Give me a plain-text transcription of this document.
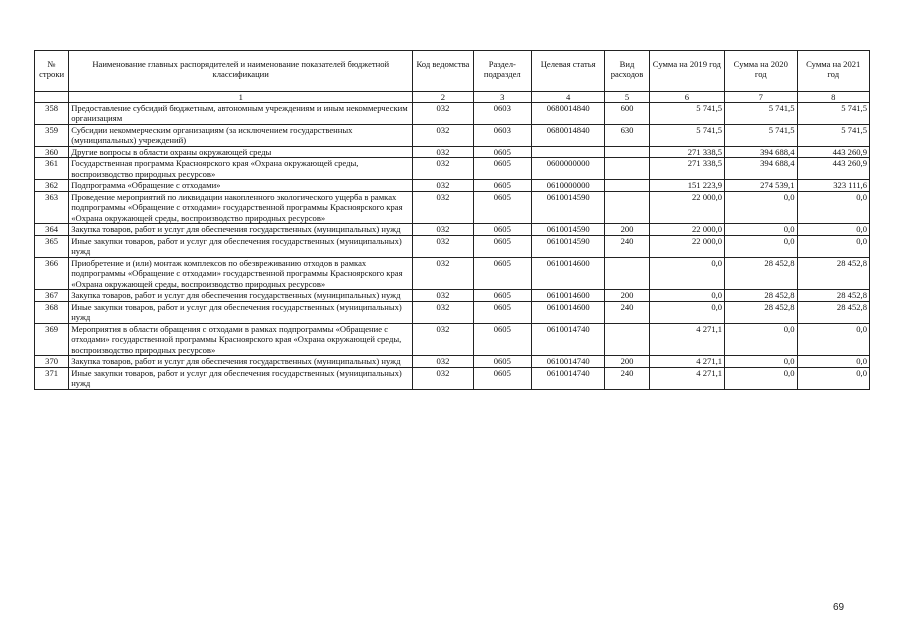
№ строки	Наименование главных распорядителей и наименование показателей бюджетной классификации	Код ведомства	Раздел-подраздел	Целевая статья	Вид расходов	Сумма на 2019 год	Сумма на 2020 год	Сумма на 2021 год
	1	2	3	4	5	6	7	8
358	Предоставление субсидий бюджетным, автономным учреждениям и иным некоммерческим организациям	032	0603	0680014840	600	5 741,5	5 741,5	5 741,5
359	Субсидии некоммерческим организациям (за исключением государственных (муниципальных) учреждений)	032	0603	0680014840	630	5 741,5	5 741,5	5 741,5
360	Другие вопросы в области охраны окружающей среды	032	0605			271 338,5	394 688,4	443 260,9
361	Государственная программа Красноярского края «Охрана окружающей среды, воспроизводство природных ресурсов»	032	0605	0600000000		271 338,5	394 688,4	443 260,9
362	Подпрограмма «Обращение с отходами»	032	0605	0610000000		151 223,9	274 539,1	323 111,6
363	Проведение мероприятий по ликвидации накопленного экологического ущерба в рамках подпрограммы «Обращение с отходами» государственной программы Красноярского края «Охрана окружающей среды, воспроизводство природных ресурсов»	032	0605	0610014590		22 000,0	0,0	0,0
364	Закупка товаров, работ и услуг для обеспечения государственных (муниципальных) нужд	032	0605	0610014590	200	22 000,0	0,0	0,0
365	Иные закупки товаров, работ и услуг для обеспечения государственных (муниципальных) нужд	032	0605	0610014590	240	22 000,0	0,0	0,0
366	Приобретение и (или) монтаж комплексов по обезвреживанию отходов в рамках подпрограммы «Обращение с отходами» государственной программы Красноярского края «Охрана окружающей среды, воспроизводство природных ресурсов»	032	0605	0610014600		0,0	28 452,8	28 452,8
367	Закупка товаров, работ и услуг для обеспечения государственных (муниципальных) нужд	032	0605	0610014600	200	0,0	28 452,8	28 452,8
368	Иные закупки товаров, работ и услуг для обеспечения государственных (муниципальных) нужд	032	0605	0610014600	240	0,0	28 452,8	28 452,8
369	Мероприятия в области обращения с отходами в рамках подпрограммы «Обращение с отходами» государственной программы Красноярского края «Охрана окружающей среды, воспроизводство природных ресурсов»	032	0605	0610014740		4 271,1	0,0	0,0
370	Закупка товаров, работ и услуг для обеспечения государственных (муниципальных) нужд	032	0605	0610014740	200	4 271,1	0,0	0,0
371	Иные закупки товаров, работ и услуг для обеспечения государственных (муниципальных) нужд	032	0605	0610014740	240	4 271,1	0,0	0,0
69
